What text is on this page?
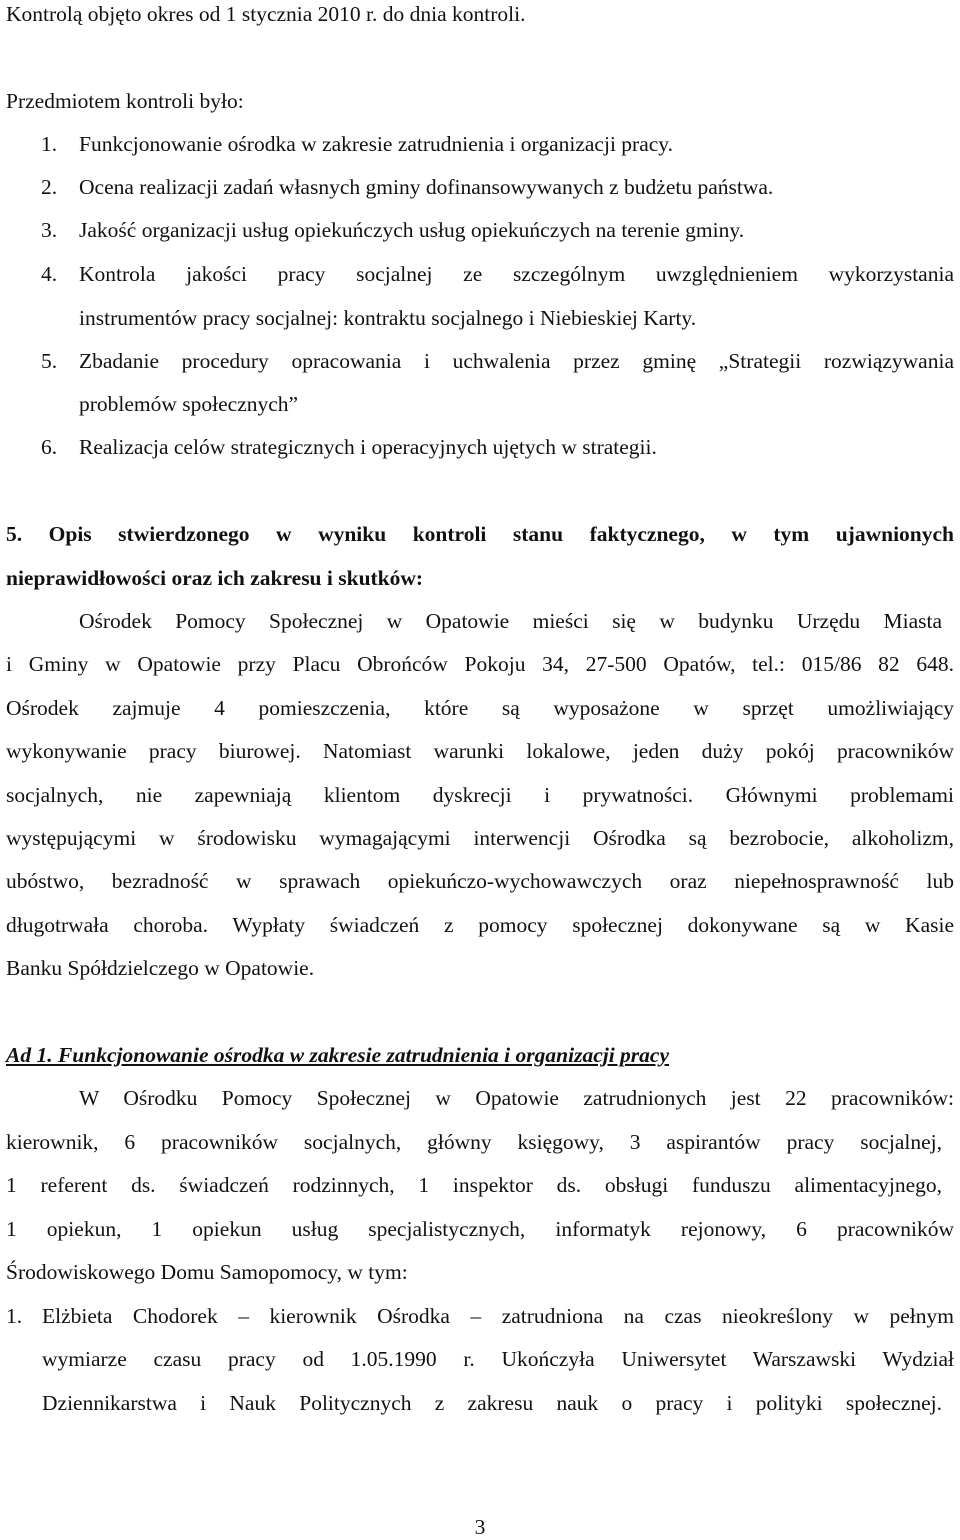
Kontrolą objęto okres od 1 stycznia 2010 r. do dnia kontroli.
Przedmiotem kontroli było:
1.	Funkcjonowanie ośrodka w zakresie zatrudnienia i organizacji pracy.
2.	Ocena realizacji zadań własnych gminy dofinansowywanych z budżetu państwa.
3.	Jakość organizacji usług opiekuńczych usług opiekuńczych na terenie gminy.
4.	Kontrola jakości pracy socjalnej ze szczególnym uwzględnieniem wykorzystania
instrumentów pracy socjalnej: kontraktu socjalnego i Niebieskiej Karty.
5.	Zbadanie procedury opracowania i uchwalenia przez gminę „Strategii rozwiązywania
problemów społecznych”
6.	Realizacja celów strategicznych i operacyjnych ujętych w strategii.
5. Opis stwierdzonego w wyniku kontroli stanu faktycznego, w tym ujawnionych
nieprawidłowości oraz ich zakresu i skutków:
Ośrodek Pomocy Społecznej w Opatowie mieści się w budynku Urzędu Miasta
i Gminy w Opatowie przy Placu Obrońców Pokoju 34, 27-500 Opatów, tel.: 015/86 82 648.
Ośrodek zajmuje 4 pomieszczenia, które są wyposażone w sprzęt umożliwiający
wykonywanie pracy biurowej. Natomiast warunki lokalowe, jeden duży pokój pracowników
socjalnych, nie zapewniają klientom dyskrecji i prywatności. Głównymi problemami
występującymi w środowisku wymagającymi interwencji Ośrodka są bezrobocie, alkoholizm,
ubóstwo, bezradność w sprawach opiekuńczo-wychowawczych oraz niepełnosprawność lub
długotrwała choroba. Wypłaty świadczeń z pomocy społecznej dokonywane są w Kasie
Banku Spółdzielczego w Opatowie.
Ad 1. Funkcjonowanie ośrodka w zakresie zatrudnienia i organizacji pracy
W Ośrodku Pomocy Społecznej w Opatowie zatrudnionych jest 22 pracowników:
kierownik, 6 pracowników socjalnych, główny księgowy, 3 aspirantów pracy socjalnej,
1 referent ds. świadczeń rodzinnych, 1 inspektor ds. obsługi funduszu alimentacyjnego,
1 opiekun, 1 opiekun usług specjalistycznych, informatyk rejonowy, 6 pracowników
Środowiskowego Domu Samopomocy, w tym:
1. Elżbieta Chodorek – kierownik Ośrodka – zatrudniona na czas nieokreślony w pełnym
wymiarze czasu pracy od 1.05.1990 r. Ukończyła Uniwersytet Warszawski Wydział
Dziennikarstwa i Nauk Politycznych z zakresu nauk o pracy i polityki społecznej.
3
